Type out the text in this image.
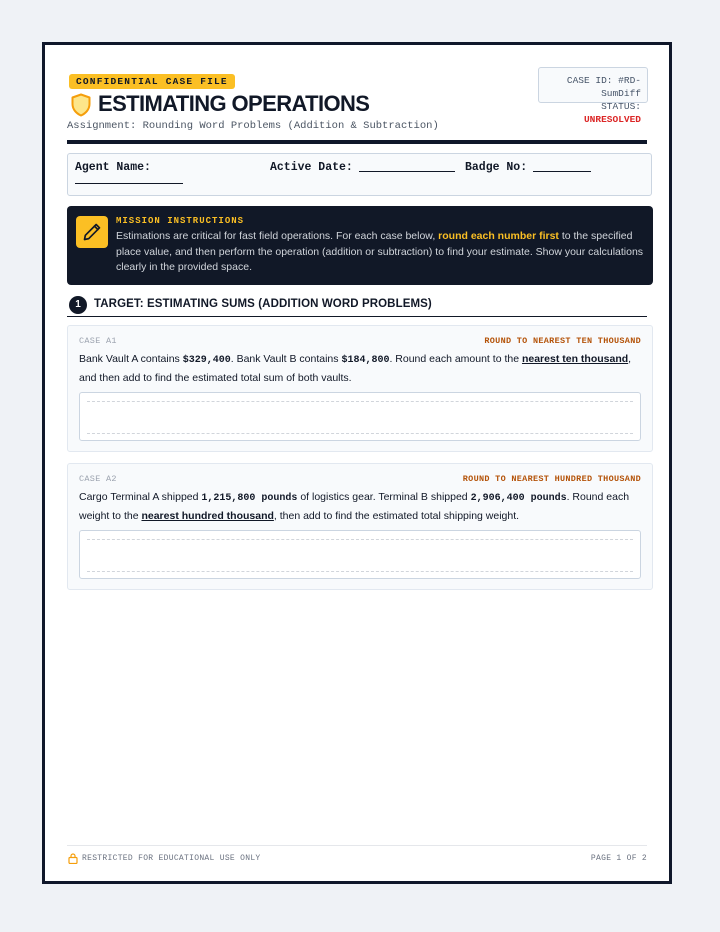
CONFIDENTIAL CASE FILE	CASE ID: #RD-SumDiff
STATUS: UNRESOLVED
ESTIMATING OPERATIONS
Assignment: Rounding Word Problems (Addition & Subtraction)
Agent Name:	Active Date:	Badge No:
MISSION INSTRUCTIONS
Estimations are critical for fast field operations. For each case below, round each number first to the specified place value, and then perform the operation (addition or subtraction) to find your estimate. Show your calculations clearly in the provided space.
1	TARGET: ESTIMATING SUMS (ADDITION WORD PROBLEMS)
CASE A1	ROUND TO NEAREST TEN THOUSAND
Bank Vault A contains $329,400. Bank Vault B contains $184,800. Round each amount to the nearest ten thousand, and then add to find the estimated total sum of both vaults.
CASE A2	ROUND TO NEAREST HUNDRED THOUSAND
Cargo Terminal A shipped 1,215,800 pounds of logistics gear. Terminal B shipped 2,906,400 pounds. Round each weight to the nearest hundred thousand, then add to find the estimated total shipping weight.
RESTRICTED FOR EDUCATIONAL USE ONLY	PAGE 1 OF 2
